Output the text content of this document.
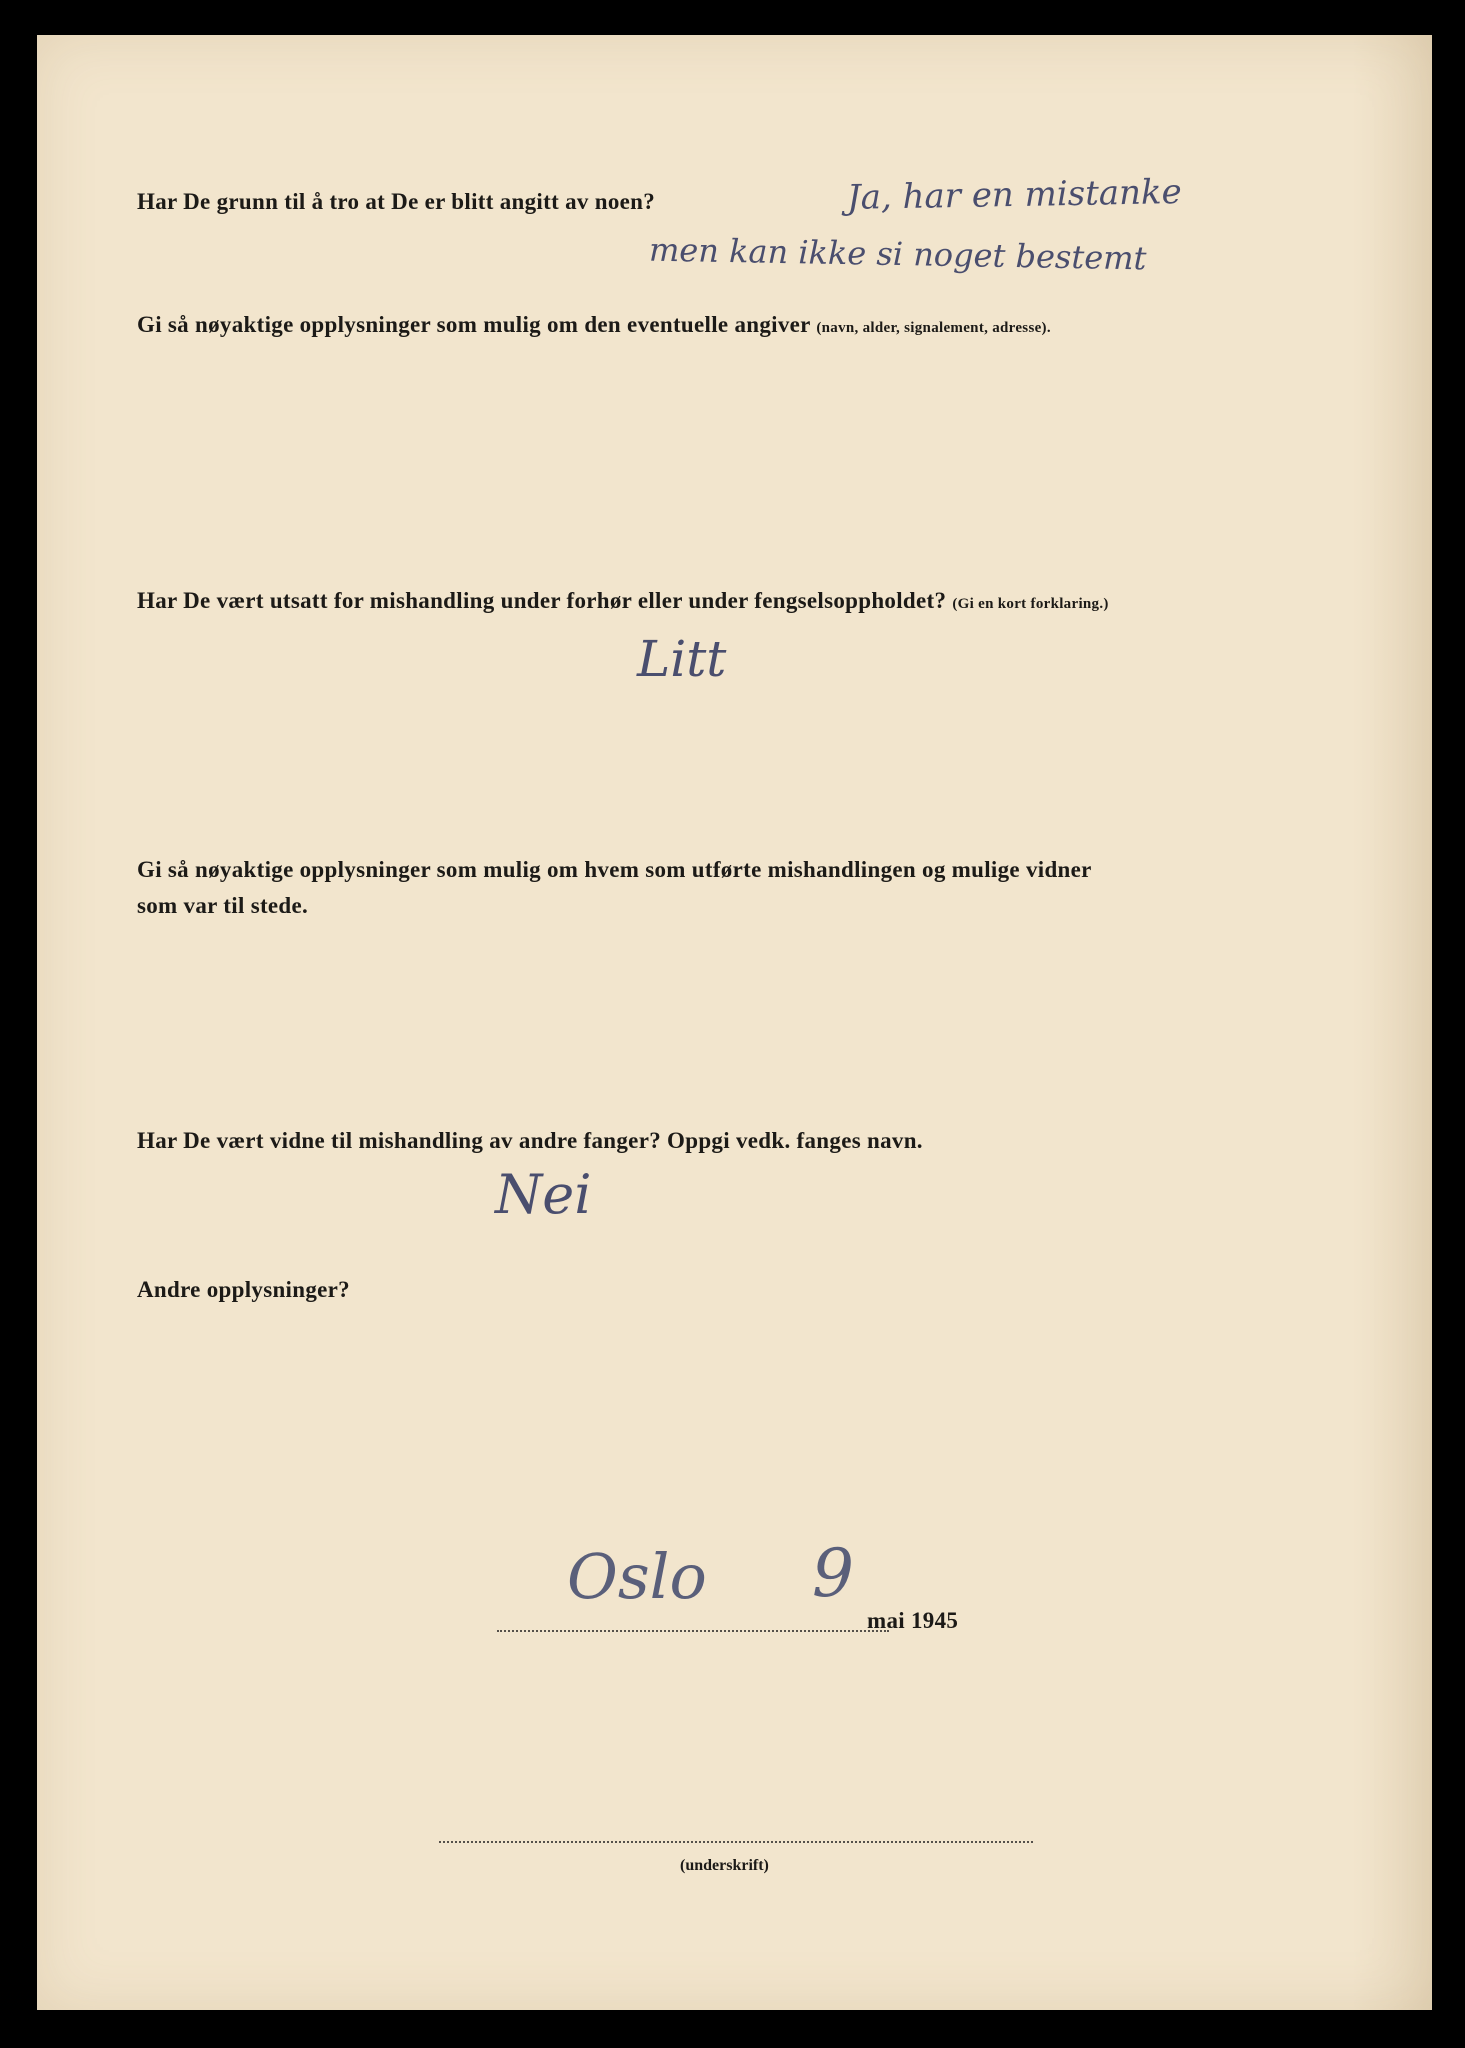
Har De grunn til å tro at De er blitt angitt av noen?	Ja, har en mistanke
men kan ikke si noget bestemt
Gi så nøyaktige opplysninger som mulig om den eventuelle angiver (navn, alder, signalement, adresse).
Har De vært utsatt for mishandling under forhør eller under fengselsoppholdet? (Gi en kort forklaring.)
Litt
Gi så nøyaktige opplysninger som mulig om hvem som utførte mishandlingen og mulige vidner
som var til stede.
Har De vært vidne til mishandling av andre fanger? Oppgi vedk. fanges navn.
Nei
Andre opplysninger?
Oslo 9
mai 1945
(underskrift)
